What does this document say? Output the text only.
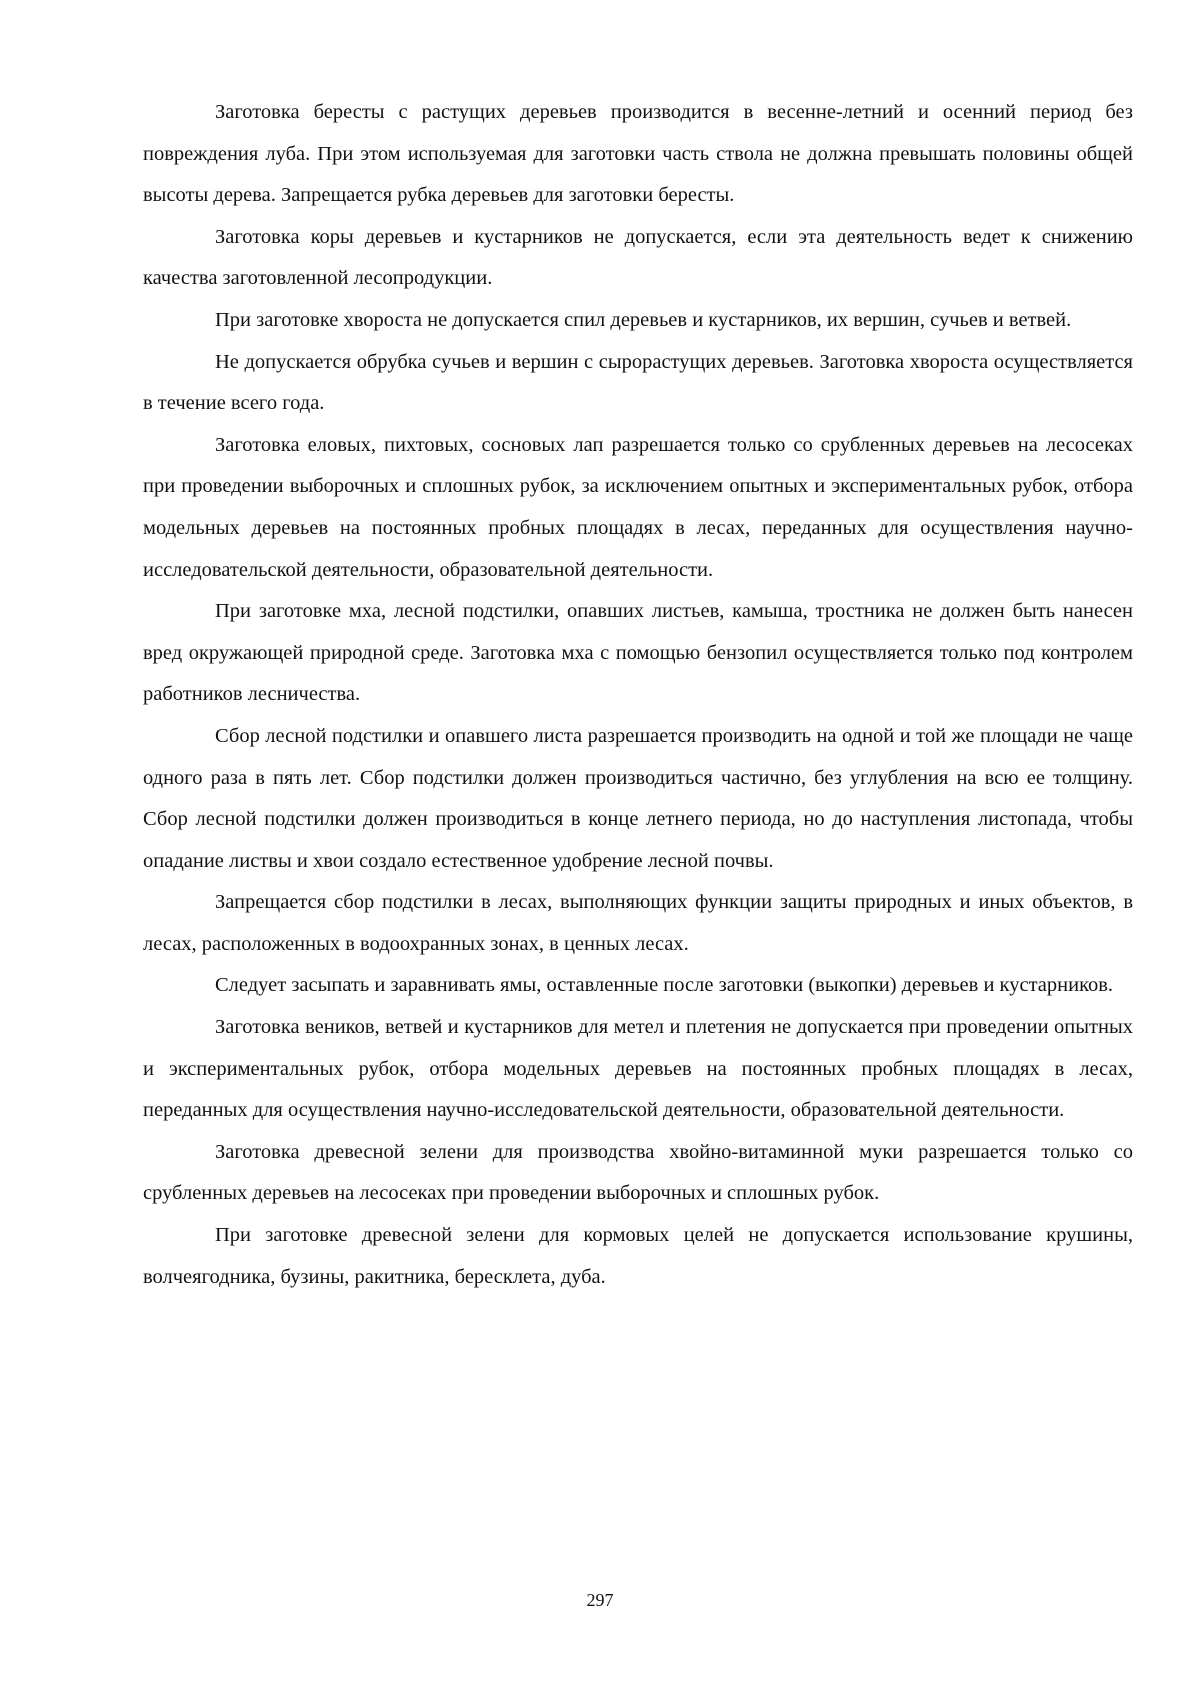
Заготовка бересты с растущих деревьев производится в весенне-летний и осенний период без повреждения луба. При этом используемая для заготовки часть ствола не должна превышать половины общей высоты дерева. Запрещается рубка деревьев для заготовки бересты.

Заготовка коры деревьев и кустарников не допускается, если эта деятельность ведет к снижению качества заготовленной лесопродукции.

При заготовке хвороста не допускается спил деревьев и кустарников, их вершин, сучьев и ветвей.

Не допускается обрубка сучьев и вершин с сырорастущих деревьев. Заготовка хвороста осуществляется в течение всего года.

Заготовка еловых, пихтовых, сосновых лап разрешается только со срубленных деревьев на лесосеках при проведении выборочных и сплошных рубок, за исключением опытных и экспериментальных рубок, отбора модельных деревьев на постоянных пробных площадях в лесах, переданных для осуществления научно-исследовательской деятельности, образовательной деятельности.

При заготовке мха, лесной подстилки, опавших листьев, камыша, тростника не должен быть нанесен вред окружающей природной среде. Заготовка мха с помощью бензопил осуществляется только под контролем работников лесничества.

Сбор лесной подстилки и опавшего листа разрешается производить на одной и той же площади не чаще одного раза в пять лет. Сбор подстилки должен производиться частично, без углубления на всю ее толщину. Сбор лесной подстилки должен производиться в конце летнего периода, но до наступления листопада, чтобы опадание листвы и хвои создало естественное удобрение лесной почвы.

Запрещается сбор подстилки в лесах, выполняющих функции защиты природных и иных объектов, в лесах, расположенных в водоохранных зонах, в ценных лесах.

Следует засыпать и заравнивать ямы, оставленные после заготовки (выкопки) деревьев и кустарников.

Заготовка веников, ветвей и кустарников для метел и плетения не допускается при проведении опытных и экспериментальных рубок, отбора модельных деревьев на постоянных пробных площадях в лесах, переданных для осуществления научно-исследовательской деятельности, образовательной деятельности.

Заготовка древесной зелени для производства хвойно-витаминной муки разрешается только со срубленных деревьев на лесосеках при проведении выборочных и сплошных рубок.

При заготовке древесной зелени для кормовых целей не допускается использование крушины, волчеягодника, бузины, ракитника, бересклета, дуба.

297
